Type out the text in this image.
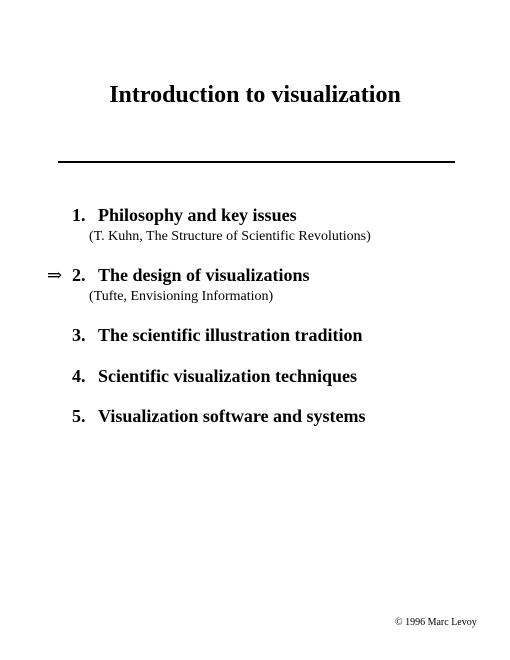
Introduction to visualization
1. Philosophy and key issues
(T. Kuhn, The Structure of Scientific Revolutions)
⇒ 2. The design of visualizations
(Tufte, Envisioning Information)
3. The scientific illustration tradition
4. Scientific visualization techniques
5. Visualization software and systems
© 1996 Marc Levoy
